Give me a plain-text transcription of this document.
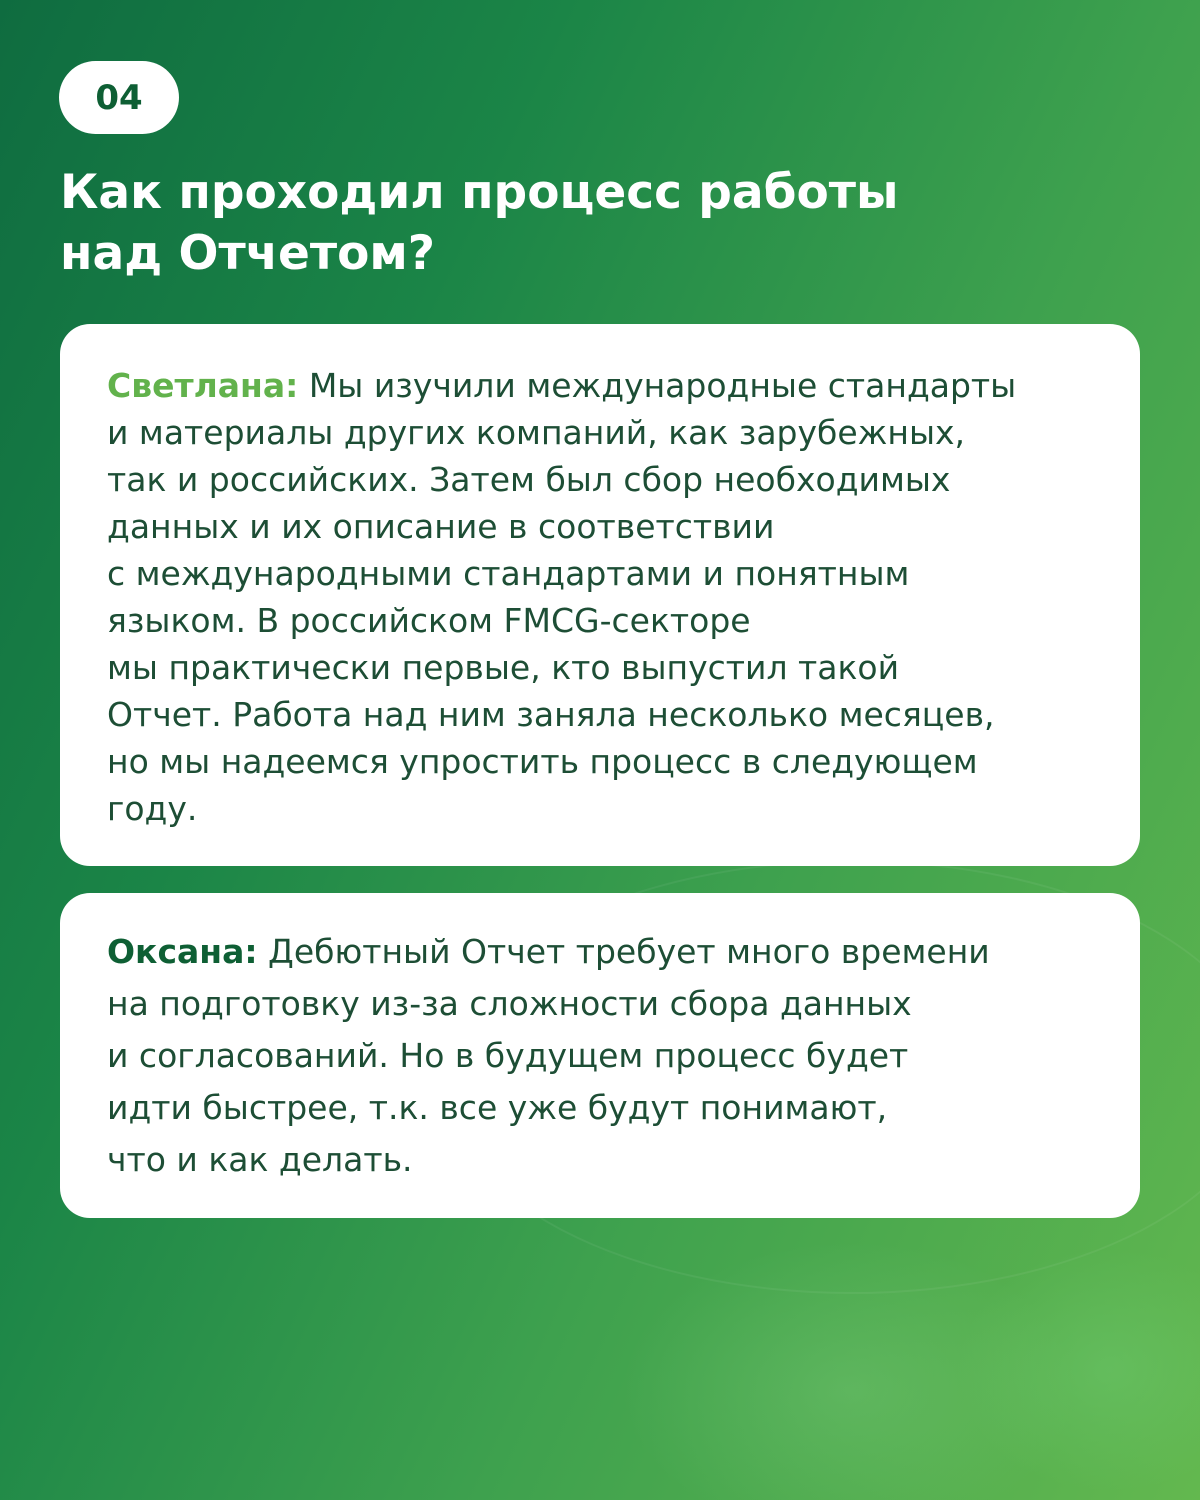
04
Как проходил процесс работы
над Отчетом?

Светлана: Мы изучили международные стандарты
и материалы других компаний, как зарубежных,
так и российских. Затем был сбор необходимых
данных и их описание в соответствии
с международными стандартами и понятным
языком. В российском FMCG-секторе
мы практически первые, кто выпустил такой
Отчет. Работа над ним заняла несколько месяцев,
но мы надеемся упростить процесс в следующем
году.

Оксана: Дебютный Отчет требует много времени
на подготовку из-за сложности сбора данных
и согласований. Но в будущем процесс будет
идти быстрее, т.к. все уже будут понимают,
что и как делать.
